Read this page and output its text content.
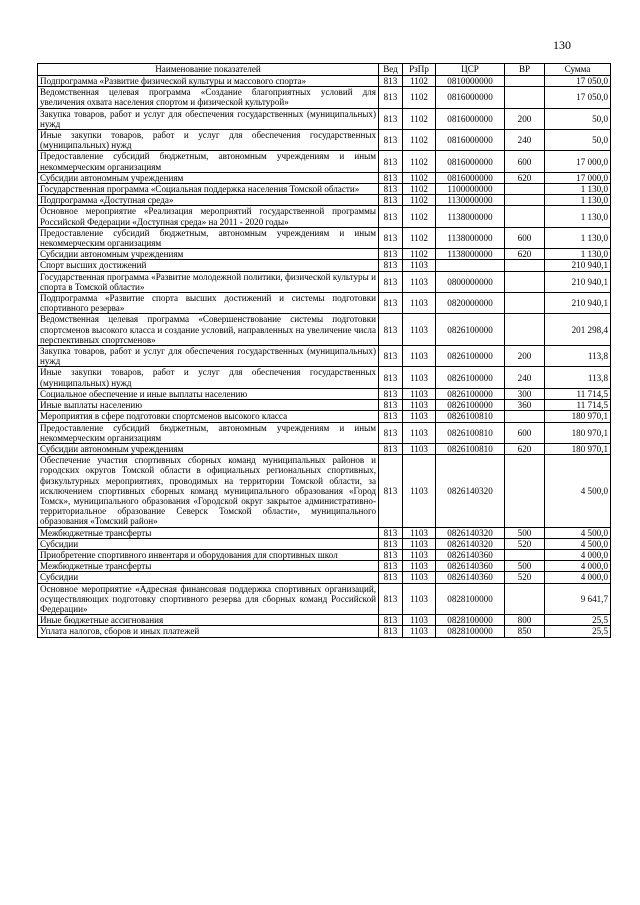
130
Наименование показателей	Вед	РзПр	ЦСР	ВР	Сумма
Подпрограмма «Развитие физической культуры и массового спорта»	813	1102	0810000000		17 050,0
Ведомственная целевая программа «Создание благоприятных условий для увеличения охвата населения спортом и физической культурой»	813	1102	0816000000		17 050,0
Закупка товаров, работ и услуг для обеспечения государственных (муниципальных) нужд	813	1102	0816000000	200	50,0
Иные закупки товаров, работ и услуг для обеспечения государственных (муниципальных) нужд	813	1102	0816000000	240	50,0
Предоставление субсидий бюджетным, автономным учреждениям и иным некоммерческим организациям	813	1102	0816000000	600	17 000,0
Субсидии автономным учреждениям	813	1102	0816000000	620	17 000,0
Государственная программа «Социальная поддержка населения Томской области»	813	1102	1100000000		1 130,0
Подпрограмма «Доступная среда»	813	1102	1130000000		1 130,0
Основное мероприятие «Реализация мероприятий государственной программы Российской Федерации «Доступная среда» на 2011 - 2020 годы»	813	1102	1138000000		1 130,0
Предоставление субсидий бюджетным, автономным учреждениям и иным некоммерческим организациям	813	1102	1138000000	600	1 130,0
Субсидии автономным учреждениям	813	1102	1138000000	620	1 130,0
Спорт высших достижений	813	1103			210 940,1
Государственная программа «Развитие молодежной политики, физической культуры и спорта в Томской области»	813	1103	0800000000		210 940,1
Подпрограмма «Развитие спорта высших достижений и системы подготовки спортивного резерва»	813	1103	0820000000		210 940,1
Ведомственная целевая программа «Совершенствование системы подготовки спортсменов высокого класса и создание условий, направленных на увеличение числа перспективных спортсменов»	813	1103	0826100000		201 298,4
Закупка товаров, работ и услуг для обеспечения государственных (муниципальных) нужд	813	1103	0826100000	200	113,8
Иные закупки товаров, работ и услуг для обеспечения государственных (муниципальных) нужд	813	1103	0826100000	240	113,8
Социальное обеспечение и иные выплаты населению	813	1103	0826100000	300	11 714,5
Иные выплаты населению	813	1103	0826100000	360	11 714,5
Мероприятия в сфере подготовки спортсменов высокого класса	813	1103	0826100810		180 970,1
Предоставление субсидий бюджетным, автономным учреждениям и иным некоммерческим организациям	813	1103	0826100810	600	180 970,1
Субсидии автономным учреждениям	813	1103	0826100810	620	180 970,1
Обеспечение участия спортивных сборных команд муниципальных районов и городских округов Томской области в официальных региональных спортивных, физкультурных мероприятиях, проводимых на территории Томской области, за исключением спортивных сборных команд муниципального образования «Город Томск», муниципального образования «Городской округ закрытое административно-территориальное образование Северск Томской области», муниципального образования «Томский район»	813	1103	0826140320		4 500,0
Межбюджетные трансферты	813	1103	0826140320	500	4 500,0
Субсидии	813	1103	0826140320	520	4 500,0
Приобретение спортивного инвентаря и оборудования для спортивных школ	813	1103	0826140360		4 000,0
Межбюджетные трансферты	813	1103	0826140360	500	4 000,0
Субсидии	813	1103	0826140360	520	4 000,0
Основное мероприятие «Адресная финансовая поддержка спортивных организаций, осуществляющих подготовку спортивного резерва для сборных команд Российской Федерации»	813	1103	0828100000		9 641,7
Иные бюджетные ассигнования	813	1103	0828100000	800	25,5
Уплата налогов, сборов и иных платежей	813	1103	0828100000	850	25,5
